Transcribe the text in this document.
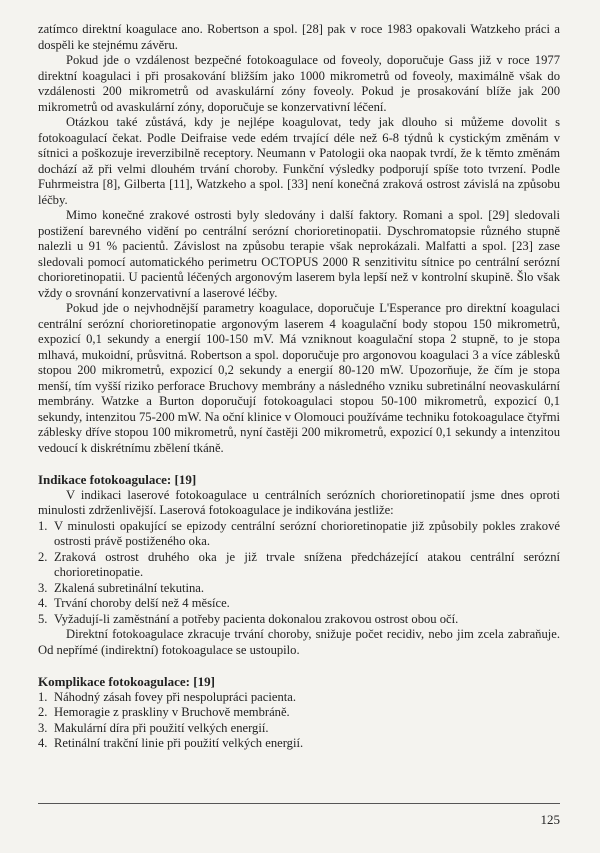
zatímco direktní koagulace ano. Robertson a spol. [28] pak v roce 1983 opakovali Watzkeho práci a dospěli ke stejnému závěru.

Pokud jde o vzdálenost bezpečné fotokoagulace od foveoly, doporučuje Gass již v roce 1977 direktní koagulaci i při prosakování bližším jako 1000 mikrometrů od foveoly, maximálně však do vzdálenosti 200 mikrometrů od avaskulární zóny foveoly. Pokud je prosakování blíže jak 200 mikrometrů od avaskulární zóny, doporučuje se konzervativní léčení.

Otázkou také zůstává, kdy je nejlépe koagulovat, tedy jak dlouho si můžeme dovolit s fotokoagulací čekat. Podle Deifraise vede edém trvající déle než 6-8 týdnů k cystickým změnám v sítnici a poškozuje ireverzibilně receptory. Neumann v Patologii oka naopak tvrdí, že k těmto změnám dochází až při velmi dlouhém trvání choroby. Funkční výsledky podporují spíše toto tvrzení. Podle Fuhrmeistra [8], Gilberta [11], Watzkeho a spol. [33] není konečná zraková ostrost závislá na způsobu léčby.

Mimo konečné zrakové ostrosti byly sledovány i další faktory. Romani a spol. [29] sledovali postižení barevného vidění po centrální serózní chorioretinopatii. Dyschromatopsie různého stupně nalezli u 91 % pacientů. Závislost na způsobu terapie však neprokázali. Malfatti a spol. [23] zase sledovali pomocí automatického perimetru OCTOPUS 2000 R senzitivitu sítnice po centrální serózní chorioretinopatii. U pacientů léčených argonovým laserem byla lepší než v kontrolní skupině. Šlo však vždy o srovnání konzervativní a laserové léčby.

Pokud jde o nejvhodnější parametry koagulace, doporučuje L'Esperance pro direktní koagulaci centrální serózní chorioretinopatie argonovým laserem 4 koagulační body stopou 150 mikrometrů, expozicí 0,1 sekundy a energií 100-150 mV. Má vzniknout koagulační stopa 2 stupně, to je stopa mlhavá, mukoidní, průsvitná. Robertson a spol. doporučuje pro argonovou koagulaci 3 a více záblesků stopou 200 mikrometrů, expozicí 0,2 sekundy a energií 80-120 mW. Upozorňuje, že čím je stopa menší, tím vyšší riziko perforace Bruchovy membrány a následného vzniku subretinální neovaskulární membrány. Watzke a Burton doporučují fotokoagulaci stopou 50-100 mikrometrů, expozicí 0,1 sekundy, intenzitou 75-200 mW. Na oční klinice v Olomouci používáme techniku fotokoagulace čtyřmi záblesky dříve stopou 100 mikrometrů, nyní častěji 200 mikrometrů, expozicí 0,1 sekundy a intenzitou vedoucí k diskrétnímu zbělení tkáně.

Indikace fotokoagulace: [19]

V indikaci laserové fotokoagulace u centrálních serózních chorioretinopatií jsme dnes oproti minulosti zdrženlivější. Laserová fotokoagulace je indikována jestliže:

1. V minulosti opakující se epizody centrální serózní chorioretinopatie již způsobily pokles zrakové ostrosti právě postiženého oka.
2. Zraková ostrost druhého oka je již trvale snížena předcházející atakou centrální serózní chorioretinopatie.
3. Zkalená subretinální tekutina.
4. Trvání choroby delší než 4 měsíce.
5. Vyžadují-li zaměstnání a potřeby pacienta dokonalou zrakovou ostrost obou očí.

Direktní fotokoagulace zkracuje trvání choroby, snižuje počet recidiv, nebo jim zcela zabraňuje. Od nepřímé (indirektní) fotokoagulace se ustoupilo.

Komplikace fotokoagulace: [19]

1. Náhodný zásah fovey při nespolupráci pacienta.
2. Hemoragie z praskliny v Bruchově membráně.
3. Makulární díra při použití velkých energií.
4. Retinální trakční linie při použití velkých energií.
125
